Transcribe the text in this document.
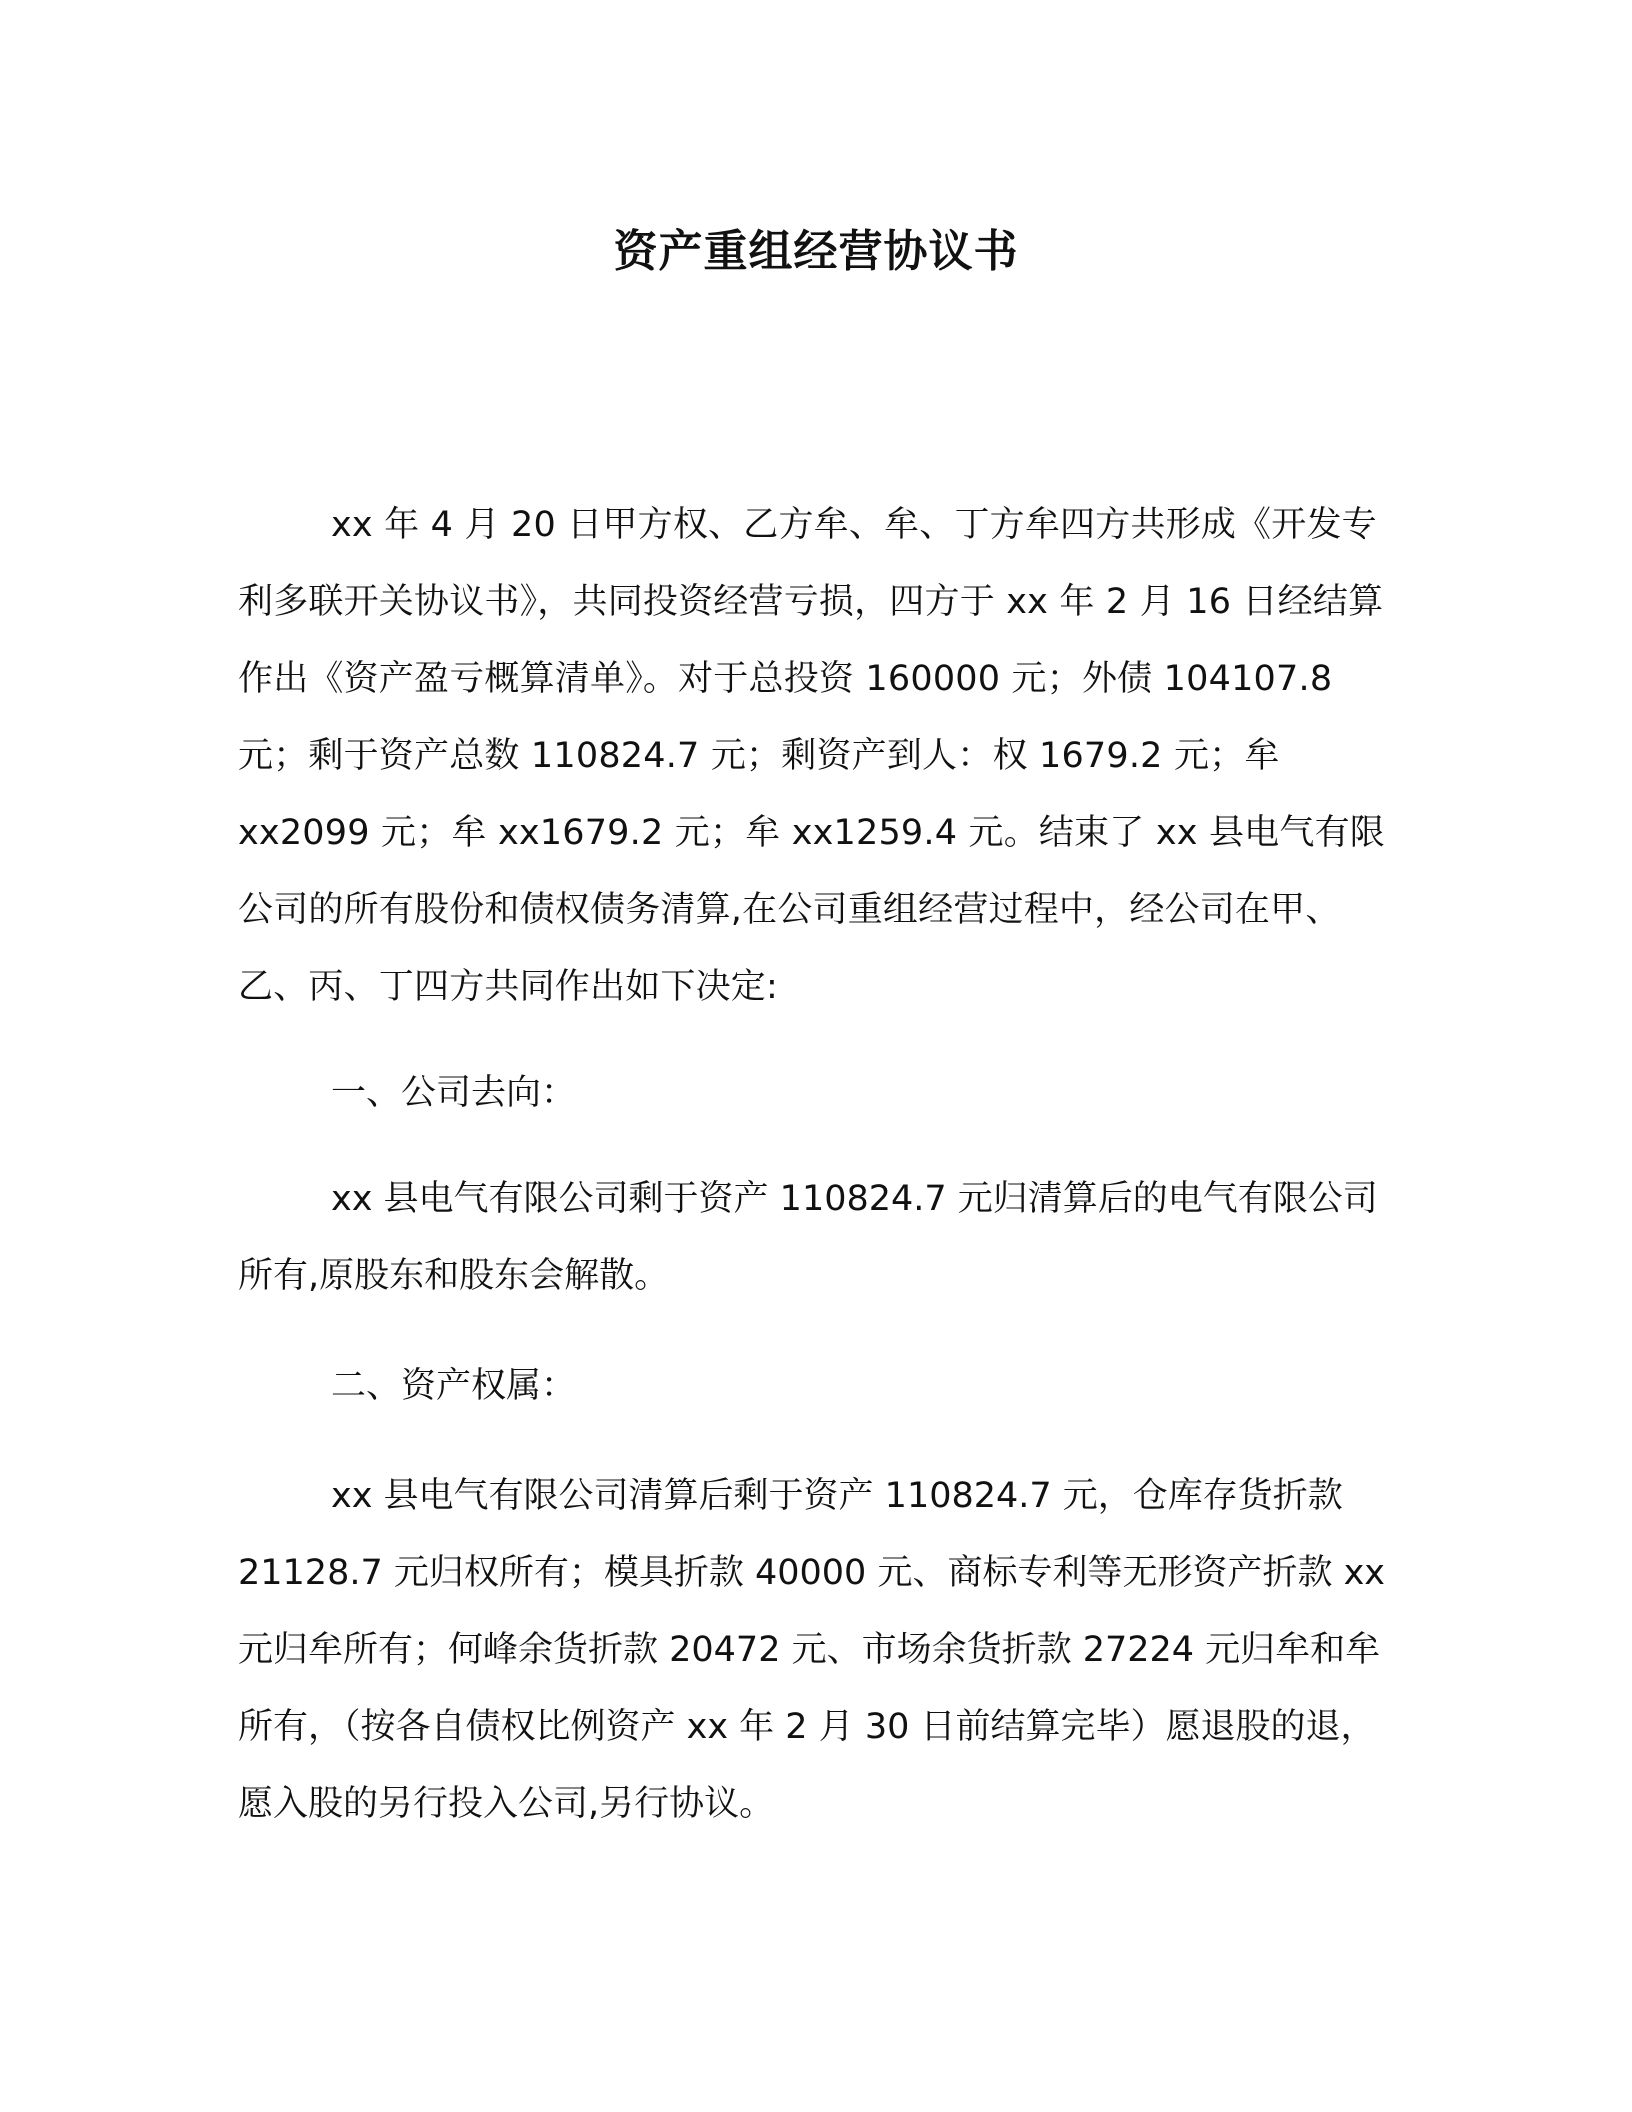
资产重组经营协议书

xx 年 4 月 20 日甲方权、乙方牟、牟、丁方牟四方共形成《开发专利多联开关协议书》，共同投资经营亏损，四方于 xx 年 2 月 16 日经结算作出《资产盈亏概算清单》。对于总投资 160000 元；外债 104107.8 元；剩于资产总数 110824.7 元；剩资产到人：权 1679.2 元；牟 xx2099 元；牟 xx1679.2 元；牟 xx1259.4 元。结束了 xx 县电气有限公司的所有股份和债权债务清算,在公司重组经营过程中，经公司在甲、乙、丙、丁四方共同作出如下决定:

一、公司去向：

xx 县电气有限公司剩于资产 110824.7 元归清算后的电气有限公司所有,原股东和股东会解散。

二、资产权属：

xx 县电气有限公司清算后剩于资产 110824.7 元，仓库存货折款 21128.7 元归权所有；模具折款 40000 元、商标专利等无形资产折款 xx 元归牟所有；何峰余货折款 20472 元、市场余货折款 27224 元归牟和牟所有，（按各自债权比例资产 xx 年 2 月 30 日前结算完毕）愿退股的退，愿入股的另行投入公司,另行协议。
